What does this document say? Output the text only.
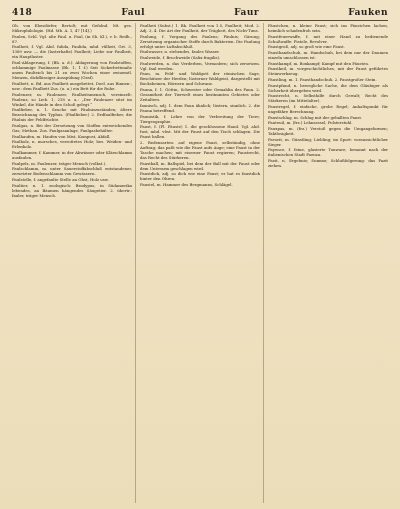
418	Faul	Faur	Fauken

Ob. von Ebesdörfer, Bertolt; mit Gefolnd. Mt. ges. Mikrophilologie. (Hd. Mb. A. 1, 47 [14].)

Faulen, Schl. Vgl. alte Faul. u. Faul, (in Sb. Kl.), v. b. Redh., 87.

Faulheit, f. Vgl. Ahd. fulida, Faulida, mhd. vûlheit, Grt. 3, 1389 usw. — die (lasterhafte) Faulheit; Liebe zur Faulheit, ein Hauptlaster.

Faul-Ablagerung, f. (Bh. a. d.): Ablagerung von Faulstoffen, schlammige Faulmasse (Bh. 1, 1 f.) Seit Sickerbettmaße anem Faulteich bis 21 zu zwei Wochen einer zwiuemtl. Menzen, dickflüssiger Ausspülung (Graf).

Faulbett, n. Bd. aus Faulbett ausgebettet, Doel. aus Rinnen-, usw.: dem Faulbett Zus. (u. a.) ein Bett für die Ruhe.

Faulenzer, m. Faulenzer, Faulheitsmensch, vereinzelt: Faulenz; so Lieb. 1, 218 u. a.: „Der Faulenzer sitzt im Winkel, die Hände in den Schoß gelegt.“

Faulfieber, n. 1. Seuche mit Fäulniszuständen; ältere Bezeichnung des Typhus. (Fäulfieber.) 2. Erdfaulfieber, die Fäulnis der Feldfrüchte.

Faulgas, n. Bei der Zersetzung von Stoffen entweichendes Gas; Methan. Zus. Faulgasanlage, Faulgasbehälter.

Faulhaufen, m. Haufen von Mist, Kompost, Abfall.

Faulholz, n. morsches, verrottetes Holz; bes. Weiden- und Erlenholz.

Faulkammer, f. Kammer, in der Abwässer oder Klärschlamm ausfaulen.

Faulpelz, m. Faulenzer, träger Mensch (volkst.).

Faulschlamm, m. unter Sauerstoffabschluß entstandener, zersetzter Bodenschlamm von Gewässern.

Faulstelle, f. angefaulte Stelle an Obst, Holz usw.

Faultier, n. 1. zoologisch: Bradypus, in Südamerika lebendes, an Bäumen hängendes Säugetier. 2. übertr.: fauler, träger Mensch.

Faulheit (Subst.) 1. Bk. Faulheit von 1.5, Faulheit; Mod. 2. Adj. 3, 4. Die Art der Faulheit, der Trägheit, des Nicht-Tuns.

Faulung, f. Vorgang des Faulens; Fäulnis; Gärung; Zersetzung organischer Stoffe durch Bakterien. Die Faulung erfolgt unter Luftabschluß.

Faulwasser, n. stehendes, faules Wasser.

Faulweide, f. Bruchweide (Salix fragilis).

Faulwerden, n. das Verderben, Vermodern; sich zersetzen. Vgl. faul werden.

Faun, m. Feld- und Waldgott der römischen Sage, Beschützer der Herden; lüsterner Waldgeist, dargestellt mit Bocksbeinen, Hörnern und Schwanz.

Fauna, f. 1. Göttin, Schwester oder Gemahlin des Faun. 2. Gesamtheit der Tierwelt eines bestimmten Gebietes oder Zeitalters.

faunisch, adj. 1. dem Faun ähnlich; lüstern, sinnlich. 2. die Fauna betreffend.

Faunistik, f. Lehre von der Verbreitung der Tiere; Tiergeographie.

Faust, f. (Pl. Fäuste) 1. die geschlossene Hand. Vgl. ahd. fust, mhd. vûst. Mit der Faust auf den Tisch schlagen. Die Faust ballen.

2. Redensarten: auf eigene Faust, selbständig, ohne Auftrag; das paßt wie die Faust aufs Auge; eine Faust in der Tasche machen; mit eiserner Faust regieren; Faustrecht, das Recht des Stärkeren.

Faustball, m. Ballspiel, bei dem der Ball mit der Faust oder dem Unterarm geschlagen wird.

Faustdick, adj. so dick wie eine Faust; er hat es faustdick hinter den Ohren.

Faustel, m. Hammer des Bergmanns, Schlägel.

Fäustchen, n. kleine Faust; sich ins Fäustchen lachen, heimlich schadenfroh sein.

Faustfeuerwaffe, f. mit einer Hand zu bedienende Schußwaffe: Pistole, Revolver.

Faustgroß, adj. so groß wie eine Faust.

Fausthandschuh, m. Handschuh, bei dem nur der Daumen einzeln umschlossen ist.

Faustkampf, m. Boxkampf; Kampf mit den Fäusten.

Faustkeil, m. vorgeschichtliches, mit der Faust geführtes Steinwerkzeug.

Fäustling, m. 1. Fausthandschuh. 2. Faustgroßer Stein.

Faustpfand, n. bewegliche Sache, die dem Gläubiger als Sicherheit übergeben wird.

Faustrecht, n. Selbsthilfe durch Gewalt; Recht des Stärkeren (im Mittelalter).

Faustregel, f. einfache, grobe Regel; Anhaltspunkt für ungefähre Berechnung.

Faustschlag, m. Schlag mit der geballten Faust.

Fauteuil, m. (frz.) Lehnsessel, Polsterstuhl.

Fauxpas, m. (frz.) Verstoß gegen die Umgangsformen; Taktlosigkeit.

Favorit, m. Günstling; Liebling; im Sport: voraussichtlicher Sieger.

Fayence, f. feine, glasierte Tonware, benannt nach der italienischen Stadt Faenza.

Fazit, n. Ergebnis; Summe; Schlußfolgerung: das Fazit ziehen.
